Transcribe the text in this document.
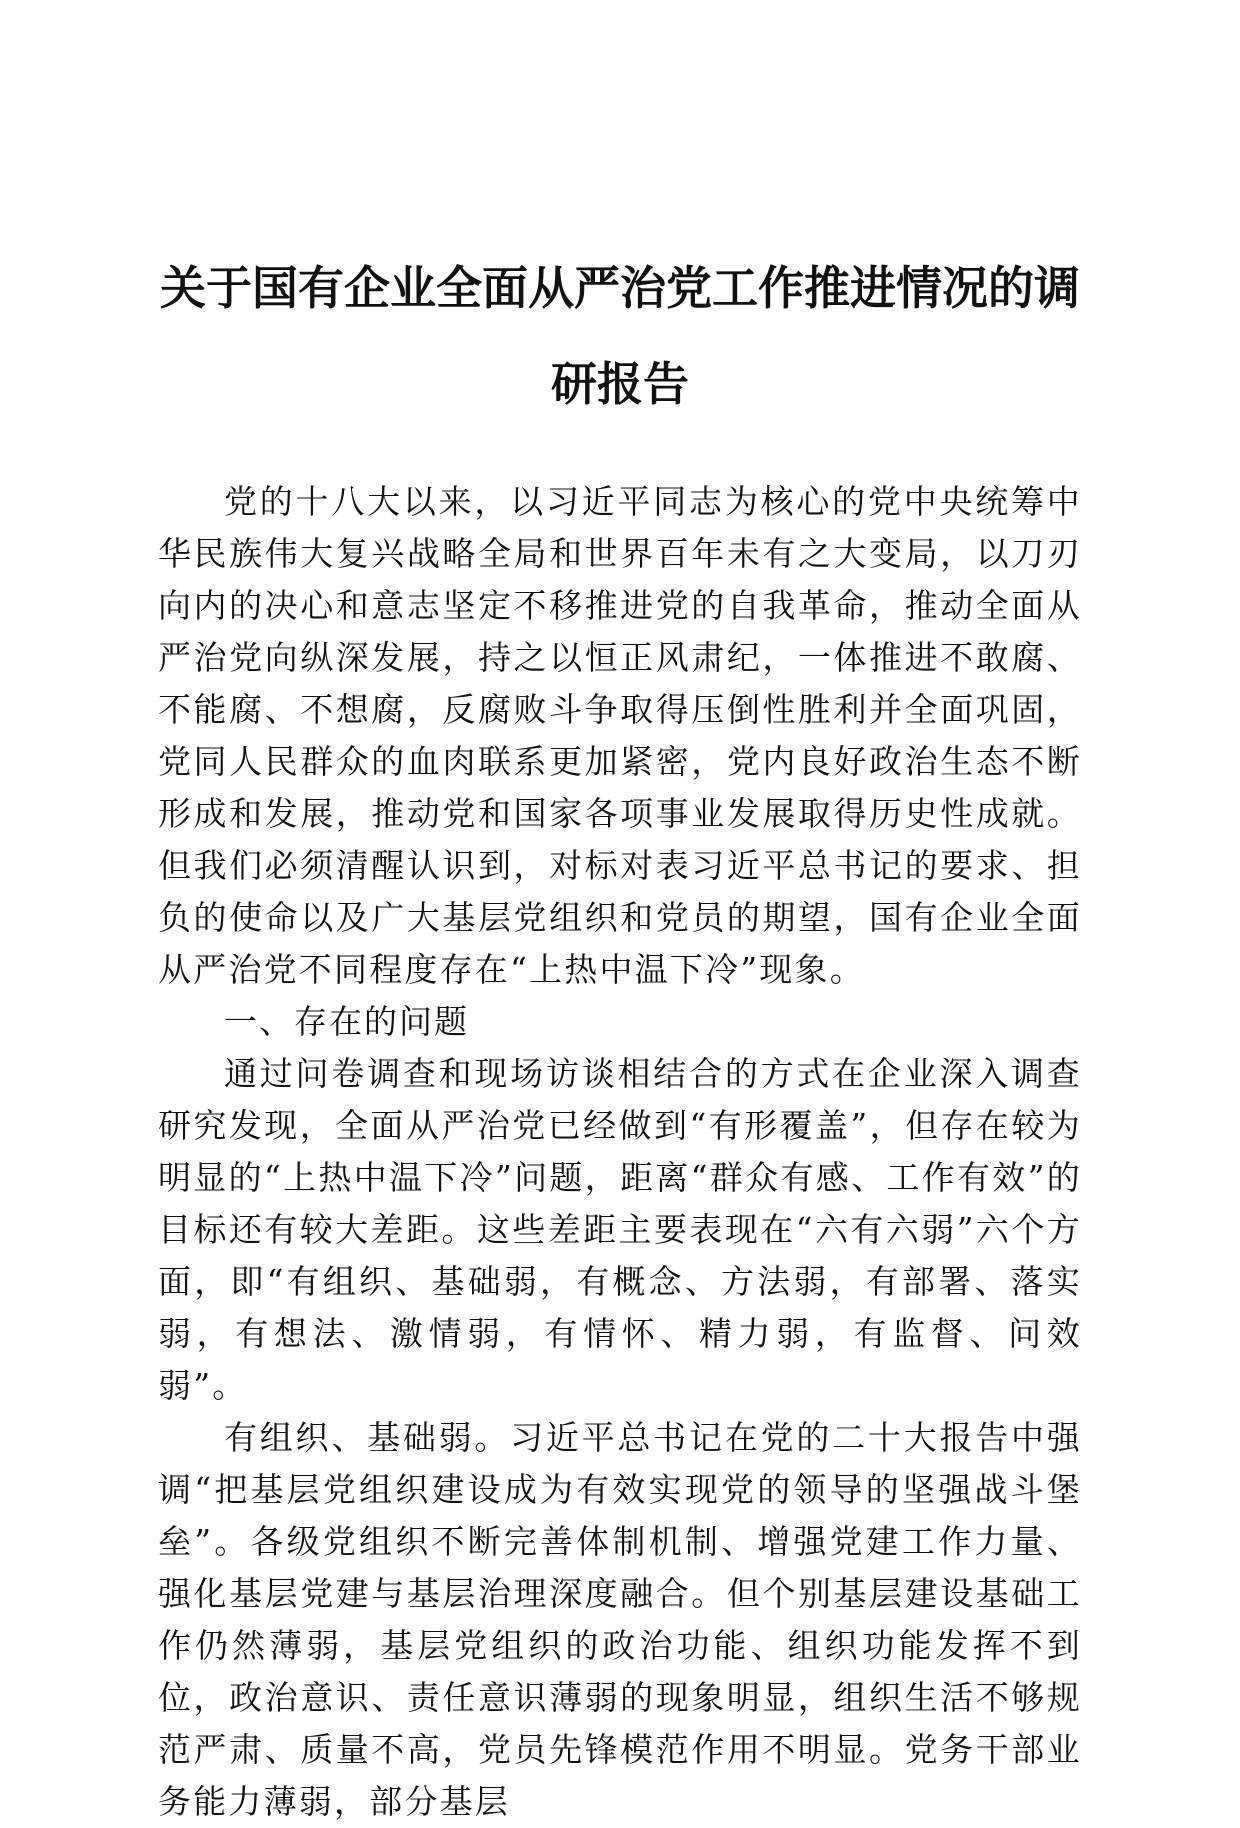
关于国有企业全面从严治党工作推进情况的调
研报告

党的十八大以来，以习近平同志为核心的党中央统筹中华民族伟大复兴战略全局和世界百年未有之大变局，以刀刃向内的决心和意志坚定不移推进党的自我革命，推动全面从严治党向纵深发展，持之以恒正风肃纪，一体推进不敢腐、不能腐、不想腐，反腐败斗争取得压倒性胜利并全面巩固，党同人民群众的血肉联系更加紧密，党内良好政治生态不断形成和发展，推动党和国家各项事业发展取得历史性成就。但我们必须清醒认识到，对标对表习近平总书记的要求、担负的使命以及广大基层党组织和党员的期望，国有企业全面从严治党不同程度存在“上热中温下冷”现象。

一、存在的问题

通过问卷调查和现场访谈相结合的方式在企业深入调查研究发现，全面从严治党已经做到“有形覆盖”，但存在较为明显的“上热中温下冷”问题，距离“群众有感、工作有效”的目标还有较大差距。这些差距主要表现在“六有六弱”六个方面，即“有组织、基础弱，有概念、方法弱，有部署、落实弱，有想法、激情弱，有情怀、精力弱，有监督、问效弱”。

有组织、基础弱。习近平总书记在党的二十大报告中强调“把基层党组织建设成为有效实现党的领导的坚强战斗堡垒”。各级党组织不断完善体制机制、增强党建工作力量、强化基层党建与基层治理深度融合。但个别基层建设基础工作仍然薄弱，基层党组织的政治功能、组织功能发挥不到位，政治意识、责任意识薄弱的现象明显，组织生活不够规范严肃、质量不高，党员先锋模范作用不明显。党务干部业务能力薄弱，部分基层
